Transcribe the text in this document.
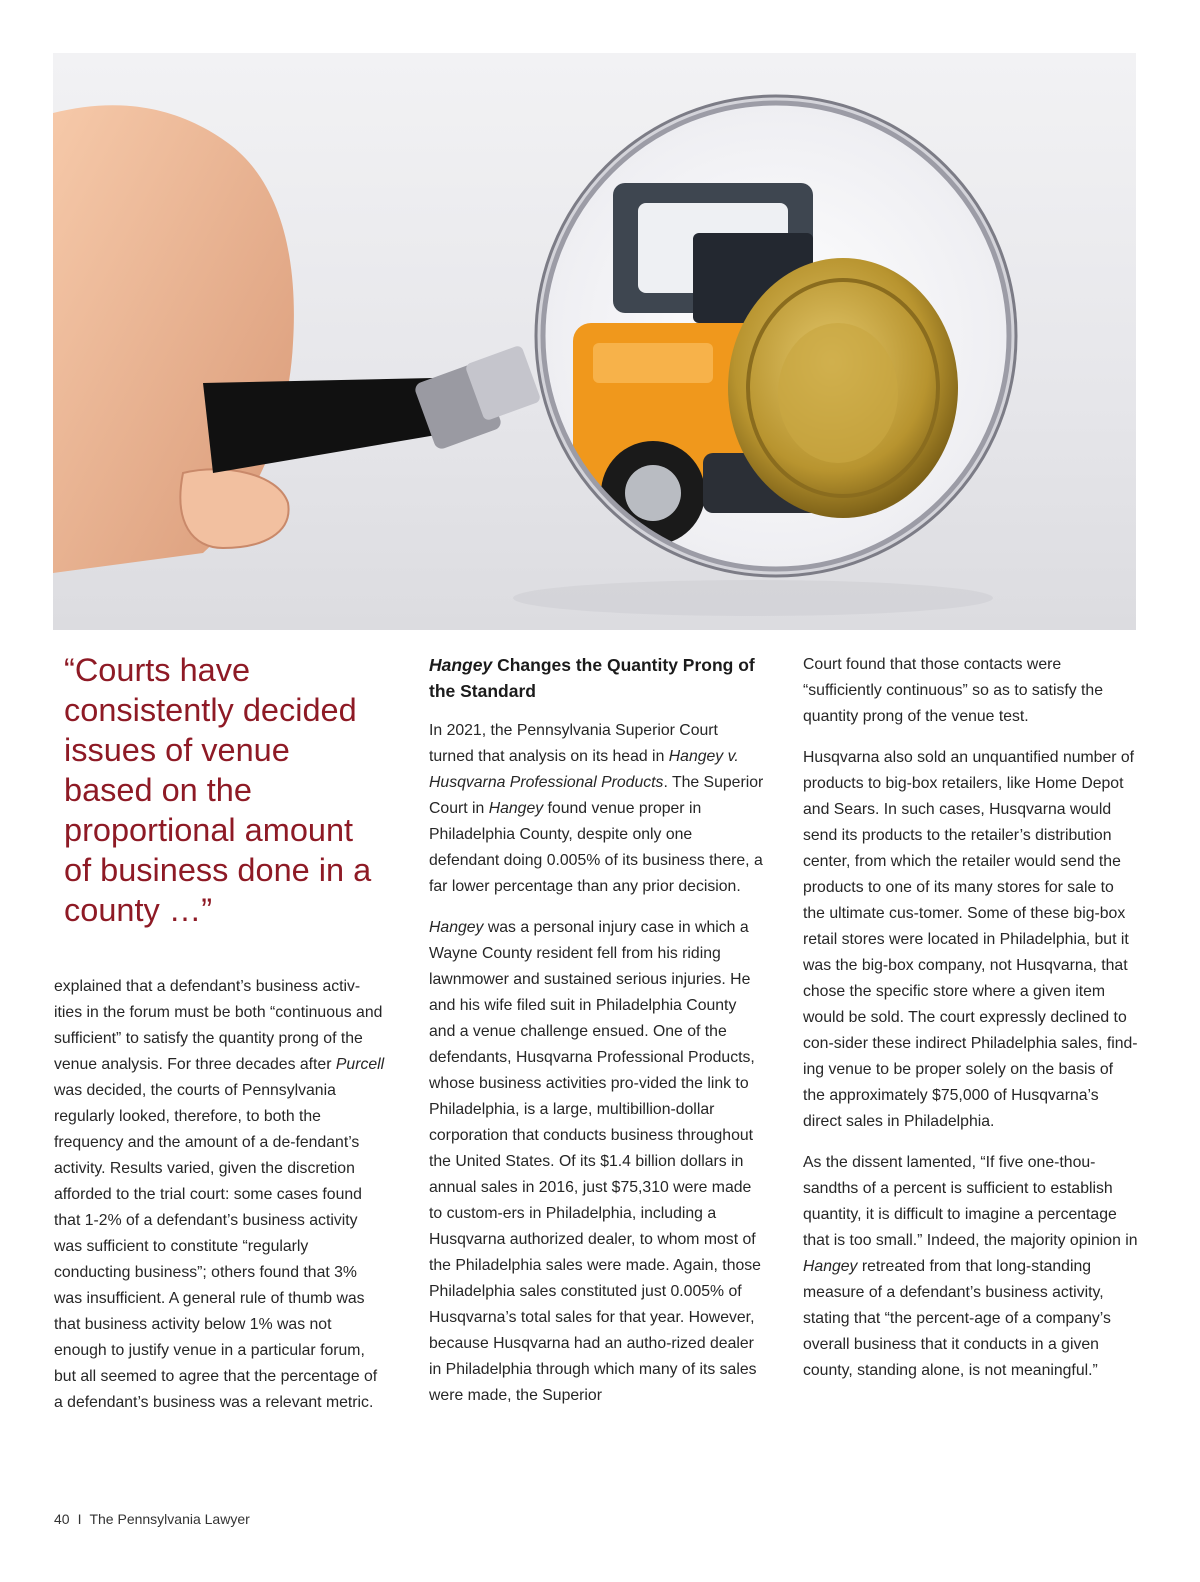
“Courts have consistently decided issues of venue based on the proportional amount of business done in a county …”

explained that a defendant’s business activ-ities in the forum must be both “continuous and sufficient” to satisfy the quantity prong of the venue analysis. For three decades after Purcell was decided, the courts of Pennsylvania regularly looked, therefore, to both the frequency and the amount of a de-fendant’s activity. Results varied, given the discretion afforded to the trial court: some cases found that 1-2% of a defendant’s business activity was sufficient to constitute “regularly conducting business”; others found that 3% was insufficient. A general rule of thumb was that business activity below 1% was not enough to justify venue in a particular forum, but all seemed to agree that the percentage of a defendant’s business was a relevant metric.

Hangey Changes the Quantity Prong of the Standard

In 2021, the Pennsylvania Superior Court turned that analysis on its head in Hangey v. Husqvarna Professional Products. The Superior Court in Hangey found venue proper in Philadelphia County, despite only one defendant doing 0.005% of its business there, a far lower percentage than any prior decision.

Hangey was a personal injury case in which a Wayne County resident fell from his riding lawnmower and sustained serious injuries. He and his wife filed suit in Philadelphia County and a venue challenge ensued. One of the defendants, Husqvarna Professional Products, whose business activities pro-vided the link to Philadelphia, is a large, multibillion-dollar corporation that conducts business throughout the United States. Of its $1.4 billion dollars in annual sales in 2016, just $75,310 were made to custom-ers in Philadelphia, including a Husqvarna authorized dealer, to whom most of the Philadelphia sales were made. Again, those Philadelphia sales constituted just 0.005% of Husqvarna’s total sales for that year. However, because Husqvarna had an autho-rized dealer in Philadelphia through which many of its sales were made, the Superior

Court found that those contacts were “sufficiently continuous” so as to satisfy the quantity prong of the venue test.

Husqvarna also sold an unquantified number of products to big-box retailers, like Home Depot and Sears. In such cases, Husqvarna would send its products to the retailer’s distribution center, from which the retailer would send the products to one of its many stores for sale to the ultimate cus-tomer. Some of these big-box retail stores were located in Philadelphia, but it was the big-box company, not Husqvarna, that chose the specific store where a given item would be sold. The court expressly declined to con-sider these indirect Philadelphia sales, find-ing venue to be proper solely on the basis of the approximately $75,000 of Husqvarna’s direct sales in Philadelphia.

As the dissent lamented, “If five one-thou-sandths of a percent is sufficient to establish quantity, it is difficult to imagine a percentage that is too small.” Indeed, the majority opinion in Hangey retreated from that long-standing measure of a defendant’s business activity, stating that “the percent-age of a company’s overall business that it conducts in a given county, standing alone, is not meaningful.”

40 I The Pennsylvania Lawyer
